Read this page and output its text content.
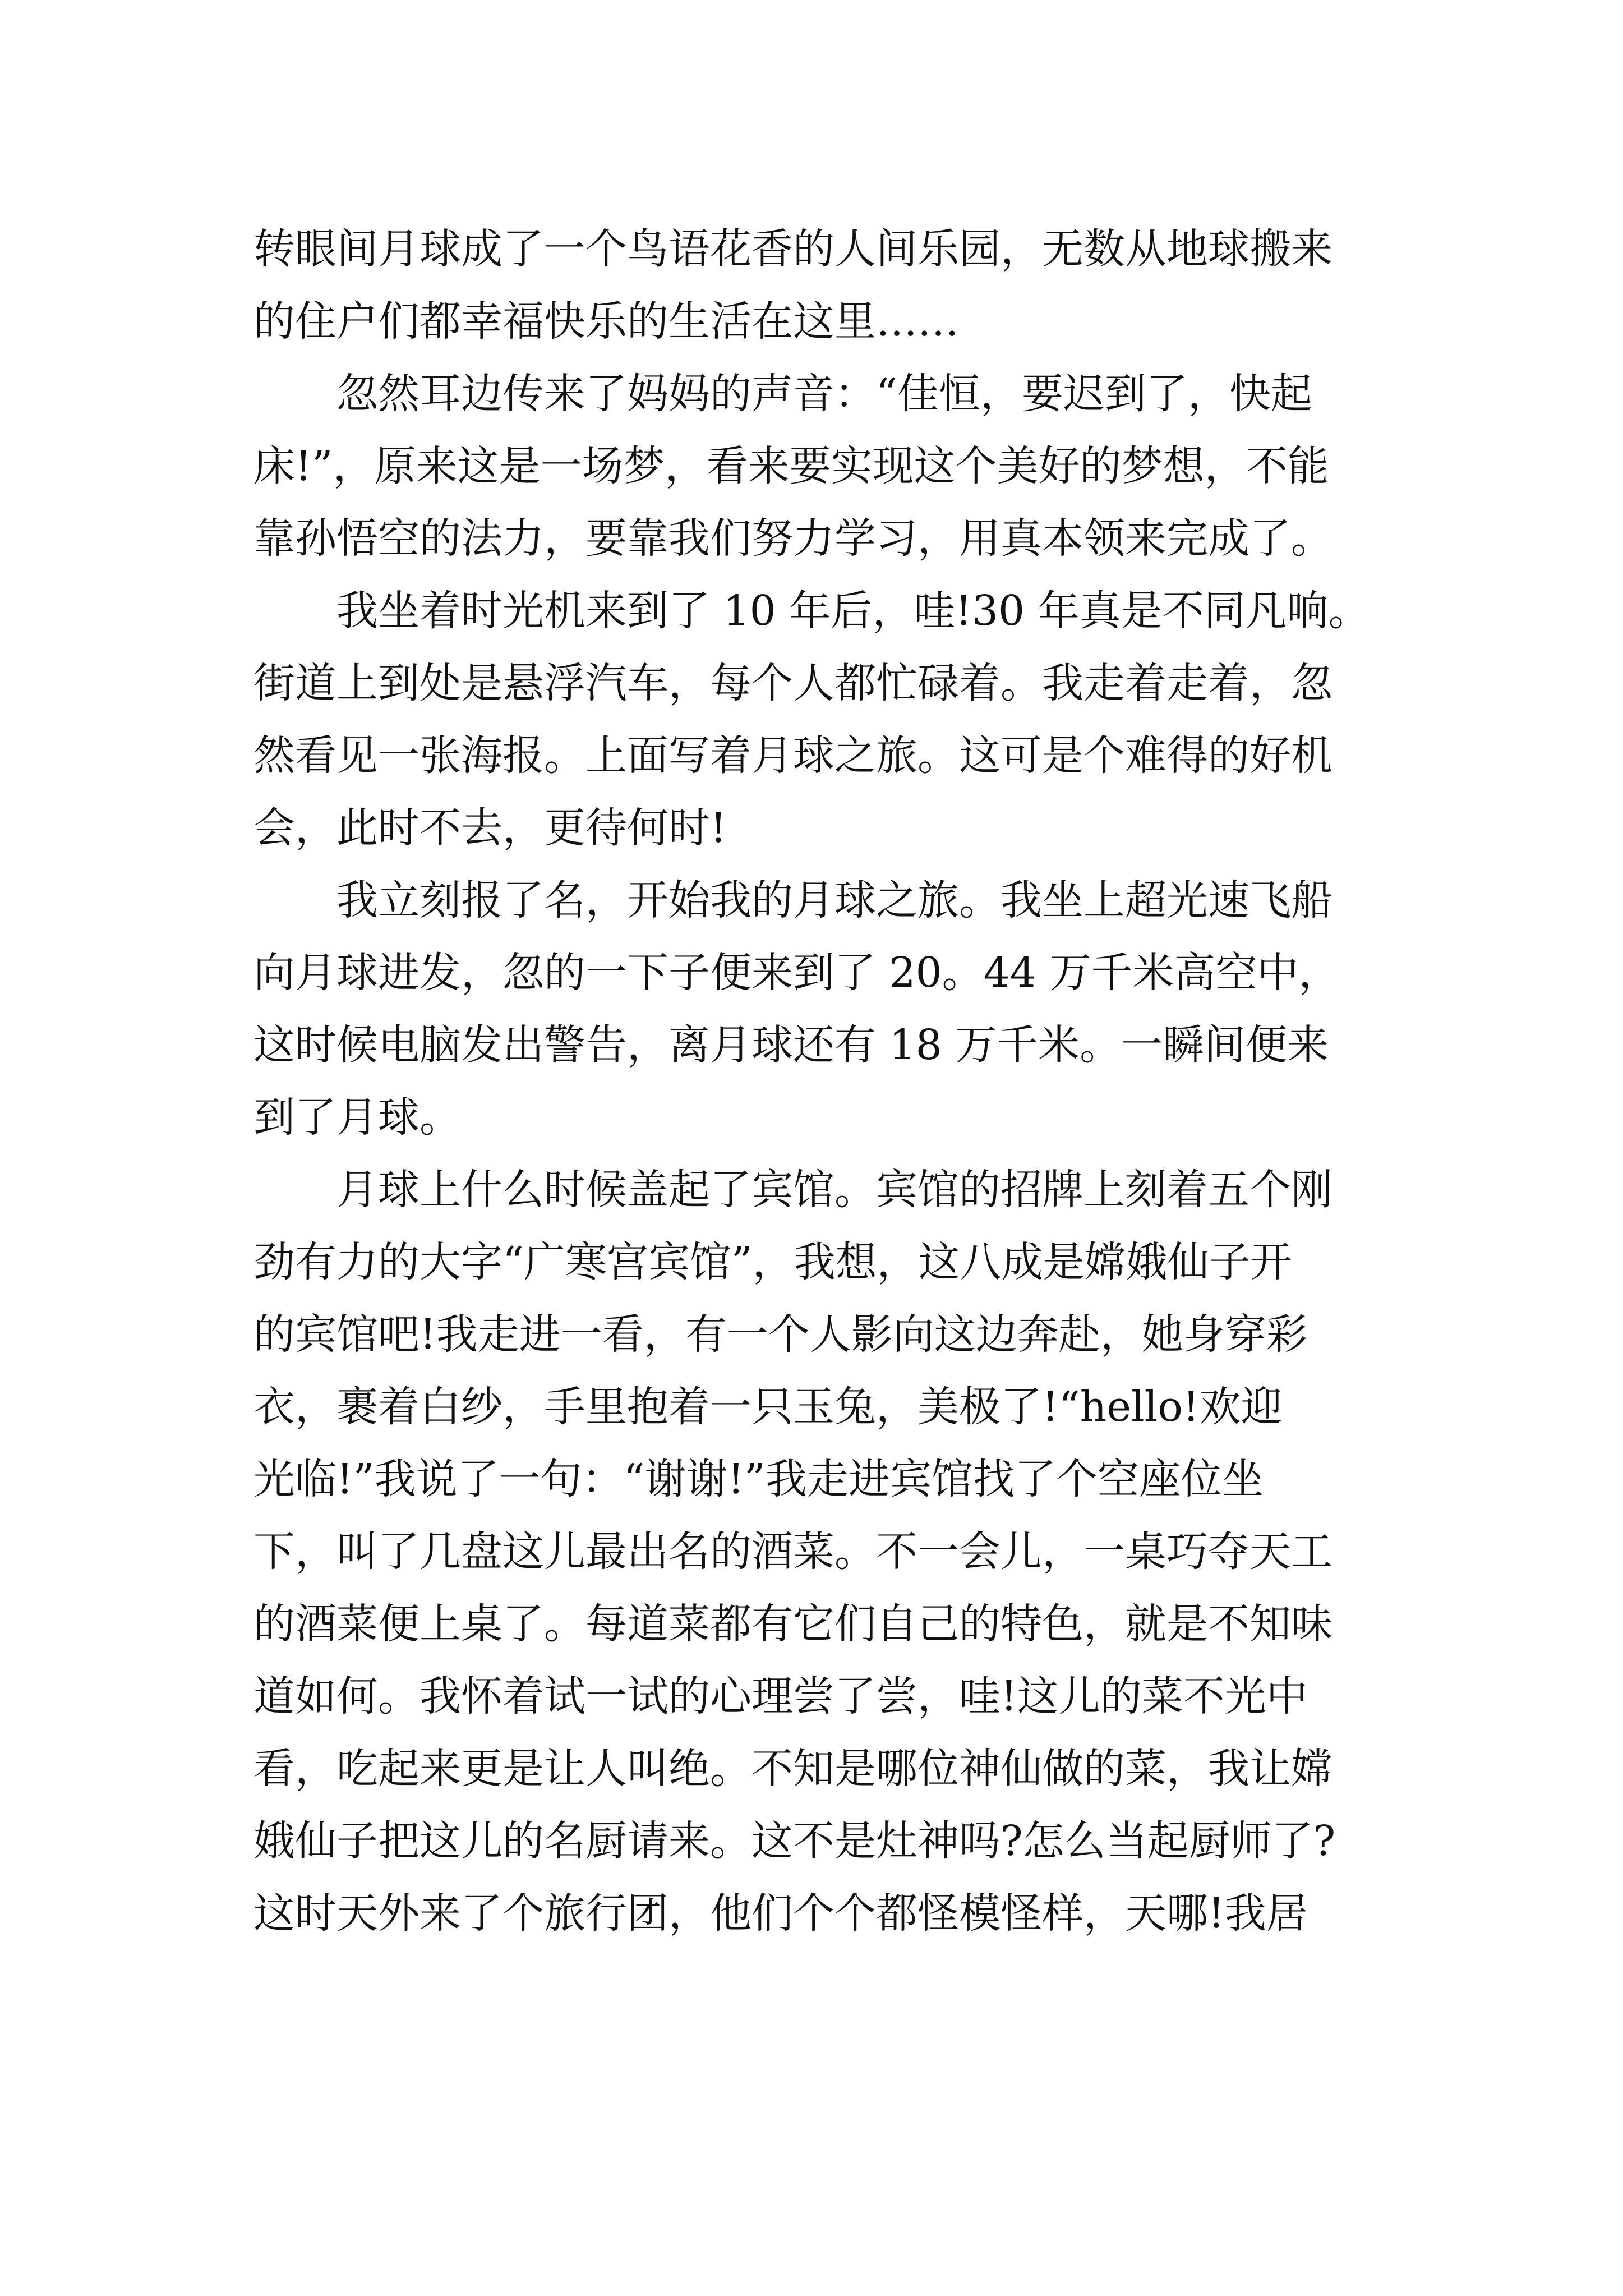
转眼间月球成了一个鸟语花香的人间乐园，无数从地球搬来
的住户们都幸福快乐的生活在这里……
忽然耳边传来了妈妈的声音：“佳恒，要迟到了，快起
床!”，原来这是一场梦，看来要实现这个美好的梦想，不能
靠孙悟空的法力，要靠我们努力学习，用真本领来完成了。
我坐着时光机来到了 10 年后，哇!30 年真是不同凡响。
街道上到处是悬浮汽车，每个人都忙碌着。我走着走着，忽
然看见一张海报。上面写着月球之旅。这可是个难得的好机
会，此时不去，更待何时!
我立刻报了名，开始我的月球之旅。我坐上超光速飞船
向月球进发，忽的一下子便来到了 20。44 万千米高空中，
这时候电脑发出警告，离月球还有 18 万千米。一瞬间便来
到了月球。
月球上什么时候盖起了宾馆。宾馆的招牌上刻着五个刚
劲有力的大字“广寒宫宾馆”，我想，这八成是嫦娥仙子开
的宾馆吧!我走进一看，有一个人影向这边奔赴，她身穿彩
衣，裹着白纱，手里抱着一只玉兔，美极了!“hello!欢迎
光临!”我说了一句：“谢谢!”我走进宾馆找了个空座位坐
下，叫了几盘这儿最出名的酒菜。不一会儿，一桌巧夺天工
的酒菜便上桌了。每道菜都有它们自己的特色，就是不知味
道如何。我怀着试一试的心理尝了尝，哇!这儿的菜不光中
看，吃起来更是让人叫绝。不知是哪位神仙做的菜，我让嫦
娥仙子把这儿的名厨请来。这不是灶神吗?怎么当起厨师了?
这时天外来了个旅行团，他们个个都怪模怪样，天哪!我居
